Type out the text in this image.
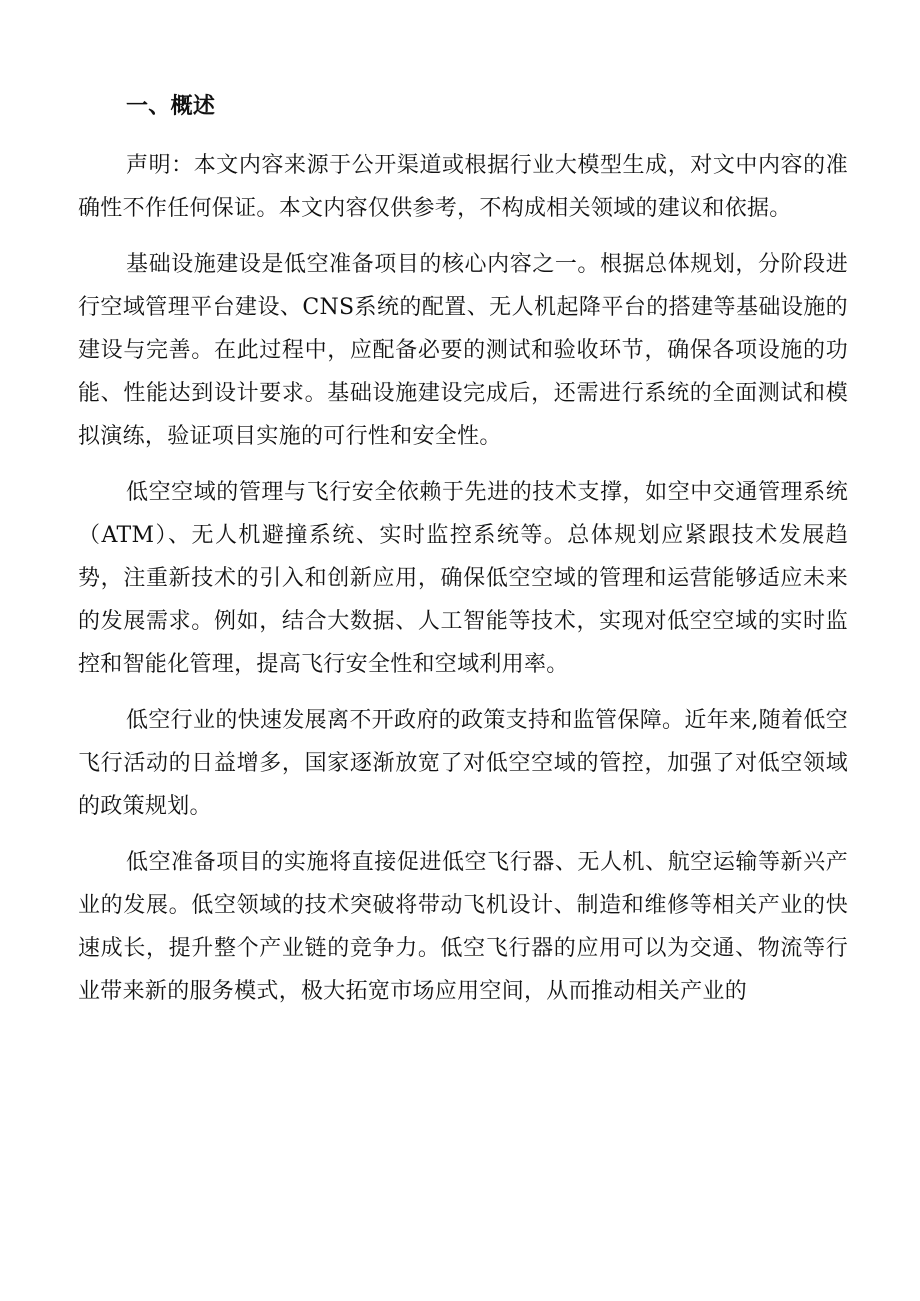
一、概述

声明：本文内容来源于公开渠道或根据行业大模型生成，对文中内容的准确性不作任何保证。本文内容仅供参考，不构成相关领域的建议和依据。

基础设施建设是低空准备项目的核心内容之一。根据总体规划，分阶段进行空域管理平台建设、CNS系统的配置、无人机起降平台的搭建等基础设施的建设与完善。在此过程中，应配备必要的测试和验收环节，确保各项设施的功能、性能达到设计要求。基础设施建设完成后，还需进行系统的全面测试和模拟演练，验证项目实施的可行性和安全性。

低空空域的管理与飞行安全依赖于先进的技术支撑，如空中交通管理系统（ATM）、无人机避撞系统、实时监控系统等。总体规划应紧跟技术发展趋势，注重新技术的引入和创新应用，确保低空空域的管理和运营能够适应未来的发展需求。例如，结合大数据、人工智能等技术，实现对低空空域的实时监控和智能化管理，提高飞行安全性和空域利用率。

低空行业的快速发展离不开政府的政策支持和监管保障。近年来,随着低空飞行活动的日益增多，国家逐渐放宽了对低空空域的管控，加强了对低空领域的政策规划。

低空准备项目的实施将直接促进低空飞行器、无人机、航空运输等新兴产业的发展。低空领域的技术突破将带动飞机设计、制造和维修等相关产业的快速成长，提升整个产业链的竞争力。低空飞行器的应用可以为交通、物流等行业带来新的服务模式，极大拓宽市场应用空间，从而推动相关产业的
